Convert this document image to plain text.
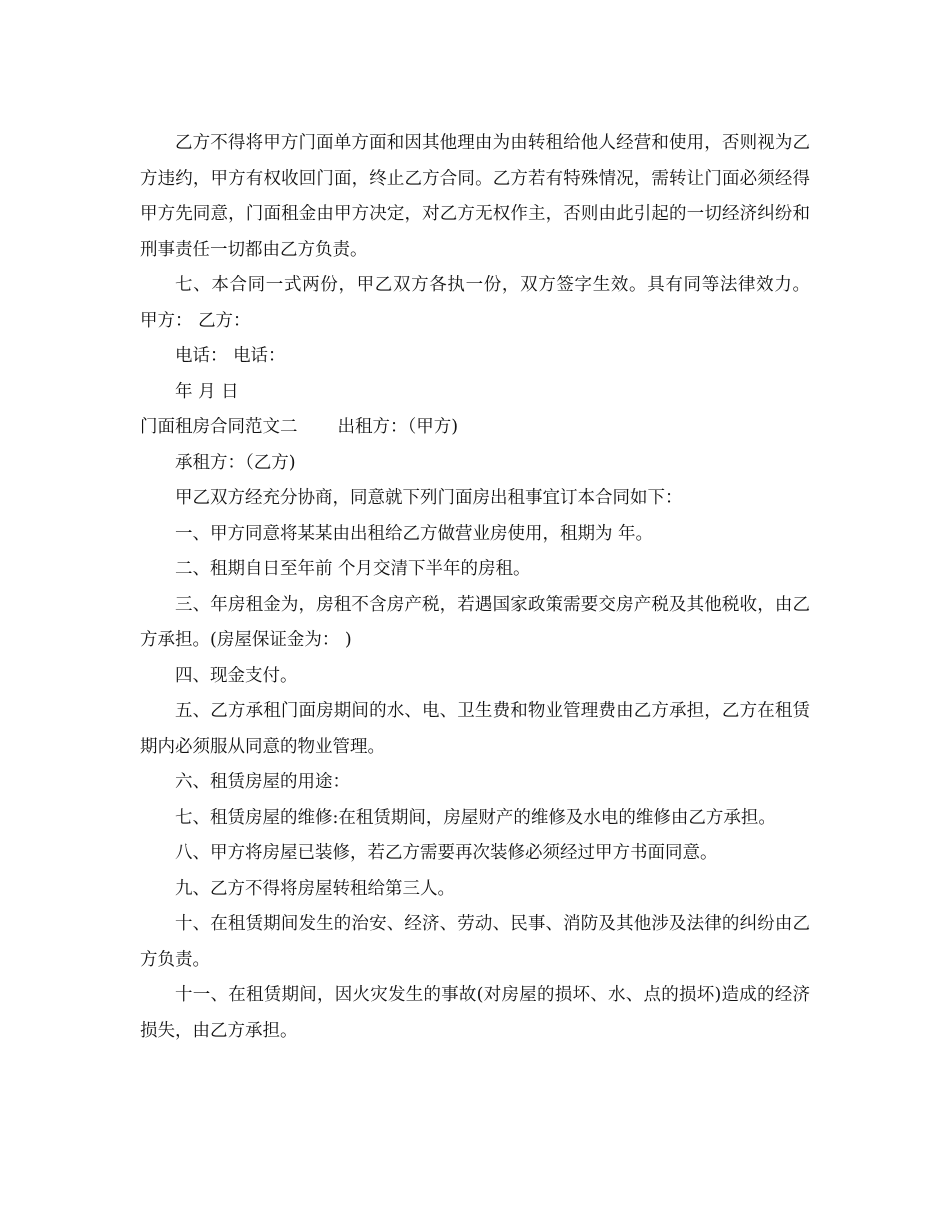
乙方不得将甲方门面单方面和因其他理由为由转租给他人经营和使用，否则视为乙方违约，甲方有权收回门面，终止乙方合同。乙方若有特殊情况，需转让门面必须经得甲方先同意，门面租金由甲方决定，对乙方无权作主，否则由此引起的一切经济纠纷和刑事责任一切都由乙方负责。

七、本合同一式两份，甲乙双方各执一份，双方签字生效。具有同等法律效力。 甲方： 乙方：

电话： 电话：

年 月 日

门面租房合同范文二 出租方：（甲方)

承租方：（乙方)

甲乙双方经充分协商，同意就下列门面房出租事宜订本合同如下：

一、甲方同意将某某由出租给乙方做营业房使用，租期为 年。

二、租期自日至年前 个月交清下半年的房租。

三、年房租金为，房租不含房产税，若遇国家政策需要交房产税及其他税收，由乙方承担。(房屋保证金为： )

四、现金支付。

五、乙方承租门面房期间的水、电、卫生费和物业管理费由乙方承担，乙方在租赁期内必须服从同意的物业管理。

六、租赁房屋的用途：

七、租赁房屋的维修:在租赁期间，房屋财产的维修及水电的维修由乙方承担。

八、甲方将房屋已装修，若乙方需要再次装修必须经过甲方书面同意。

九、乙方不得将房屋转租给第三人。

十、在租赁期间发生的治安、经济、劳动、民事、消防及其他涉及法律的纠纷由乙方负责。

十一、在租赁期间，因火灾发生的事故(对房屋的损坏、水、点的损坏)造成的经济损失，由乙方承担。
